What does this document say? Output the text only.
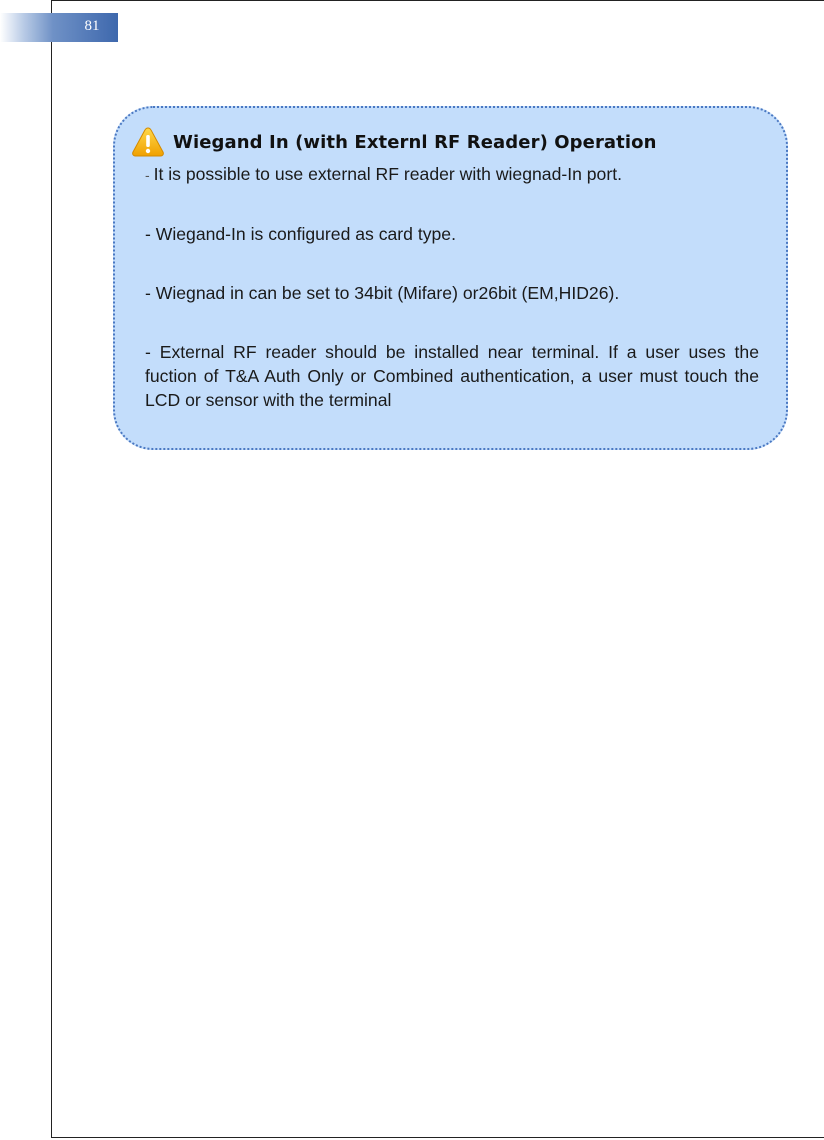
81
Wiegand In (with Externl RF Reader) Operation

- It is possible to use external RF reader with wiegnad-In port.

- Wiegand-In is configured as card type.

- Wiegnad in can be set to 34bit (Mifare) or26bit (EM,HID26).

- External RF reader should be installed near terminal. If a user uses the fuction of T&A Auth Only or Combined authentication, a user must touch the LCD or sensor with the terminal
